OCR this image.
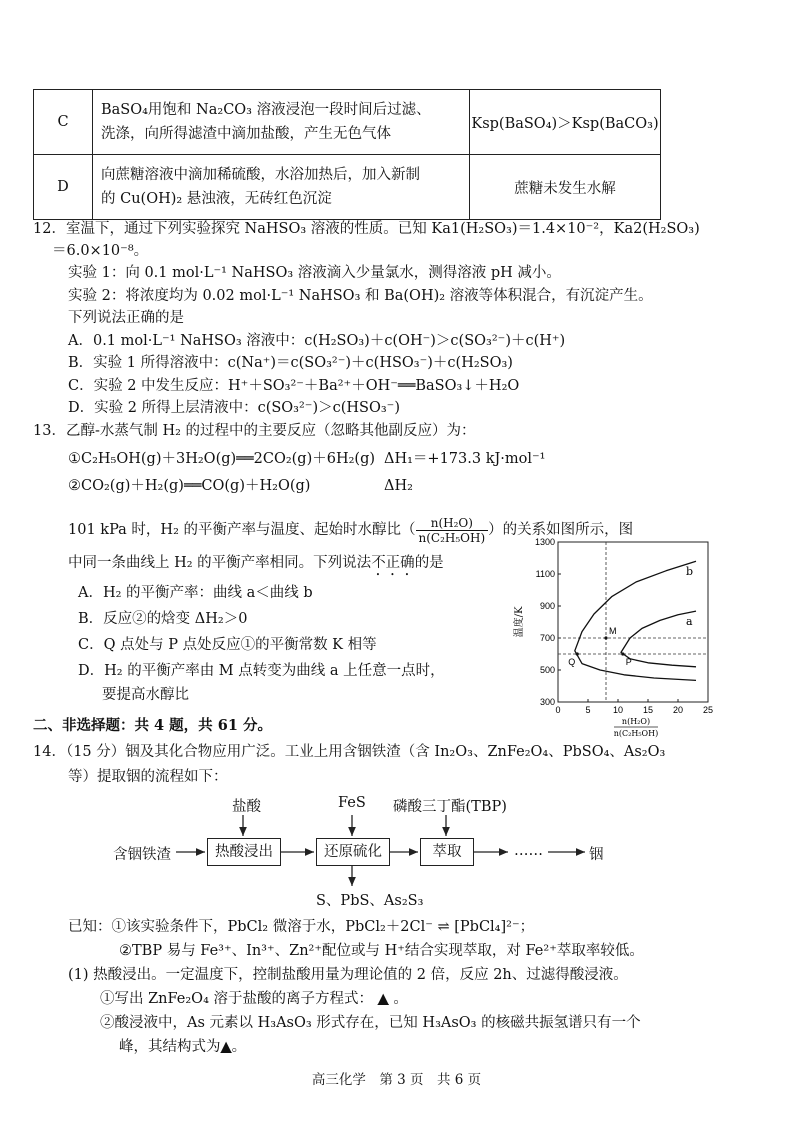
C	BaSO₄用饱和 Na₂CO₃ 溶液浸泡一段时间后过滤、
洗涤，向所得滤渣中滴加盐酸，产生无色气体	Ksp(BaSO₄)＞Ksp(BaCO₃)
D	向蔗糖溶液中滴加稀硫酸，水浴加热后，加入新制
的 Cu(OH)₂ 悬浊液，无砖红色沉淀	蔗糖未发生水解
12．室温下，通过下列实验探究 NaHSO₃ 溶液的性质。已知 Ka1(H₂SO₃)＝1.4×10⁻²，Ka2(H₂SO₃)
＝6.0×10⁻⁸。
实验 1：向 0.1 mol·L⁻¹ NaHSO₃ 溶液滴入少量氯水，测得溶液 pH 减小。
实验 2：将浓度均为 0.02 mol·L⁻¹ NaHSO₃ 和 Ba(OH)₂ 溶液等体积混合，有沉淀产生。
下列说法正确的是
A．0.1 mol·L⁻¹ NaHSO₃ 溶液中：c(H₂SO₃)＋c(OH⁻)＞c(SO₃²⁻)＋c(H⁺)
B．实验 1 所得溶液中：c(Na⁺)＝c(SO₃²⁻)＋c(HSO₃⁻)＋c(H₂SO₃)
C．实验 2 中发生反应：H⁺＋SO₃²⁻＋Ba²⁺＋OH⁻══BaSO₃↓＋H₂O
D．实验 2 所得上层清液中：c(SO₃²⁻)＞c(HSO₃⁻)
13．乙醇-水蒸气制 H₂ 的过程中的主要反应（忽略其他副反应）为：
①C₂H₅OH(g)＋3H₂O(g)══2CO₂(g)＋6H₂(g) ΔH₁＝+173.3 kJ·mol⁻¹
②CO₂(g)＋H₂(g)══CO(g)＋H₂O(g)	ΔH₂
101 kPa 时，H₂ 的平衡产率与温度、起始时水醇比（ $\frac{\text{n(H₂O)}}{\text{n(C₂H₅OH)}}$ ）的关系如图所示，图
中同一条曲线上 H₂ 的平衡产率相同。下列说法不正确的是
A．H₂ 的平衡产率：曲线 a＜曲线 b
B．反应②的焓变 ΔH₂＞0
C．Q 点处与 P 点处反应①的平衡常数 K 相等
D．H₂ 的平衡产率由 M 点转变为曲线 a 上任意一点时，
要提高水醇比
0	5 10 15 20 25
300
500
700
900
1100
1300
温度/K
n(H₂O)
n(C₂H₅OH)
b
a
M
Q	P
二、非选择题：共 4 题，共 61 分。
14．（15 分）铟及其化合物应用广泛。工业上用含铟铁渣（含 In₂O₃、ZnFe₂O₄、PbSO₄、As₂O₃
等）提取铟的流程如下：
盐酸	FeS 磷酸三丁酯(TBP)
含铟铁渣	热酸浸出	还原硫化	萃取	……	铟
S、PbS、As₂S₃
已知：①该实验条件下，PbCl₂ 微溶于水，PbCl₂＋2Cl⁻ ⇌ [PbCl₄]²⁻；
②TBP 易与 Fe³⁺、In³⁺、Zn²⁺配位或与 H⁺结合实现萃取，对 Fe²⁺萃取率较低。
(1) 热酸浸出。一定温度下，控制盐酸用量为理论值的 2 倍，反应 2h、过滤得酸浸液。
①写出 ZnFe₂O₄ 溶于盐酸的离子方程式： ▲ 。
②酸浸液中，As 元素以 H₃AsO₃ 形式存在，已知 H₃AsO₃ 的核磁共振氢谱只有一个
峰，其结构式为▲。
高三化学　第 3 页　共 6 页
